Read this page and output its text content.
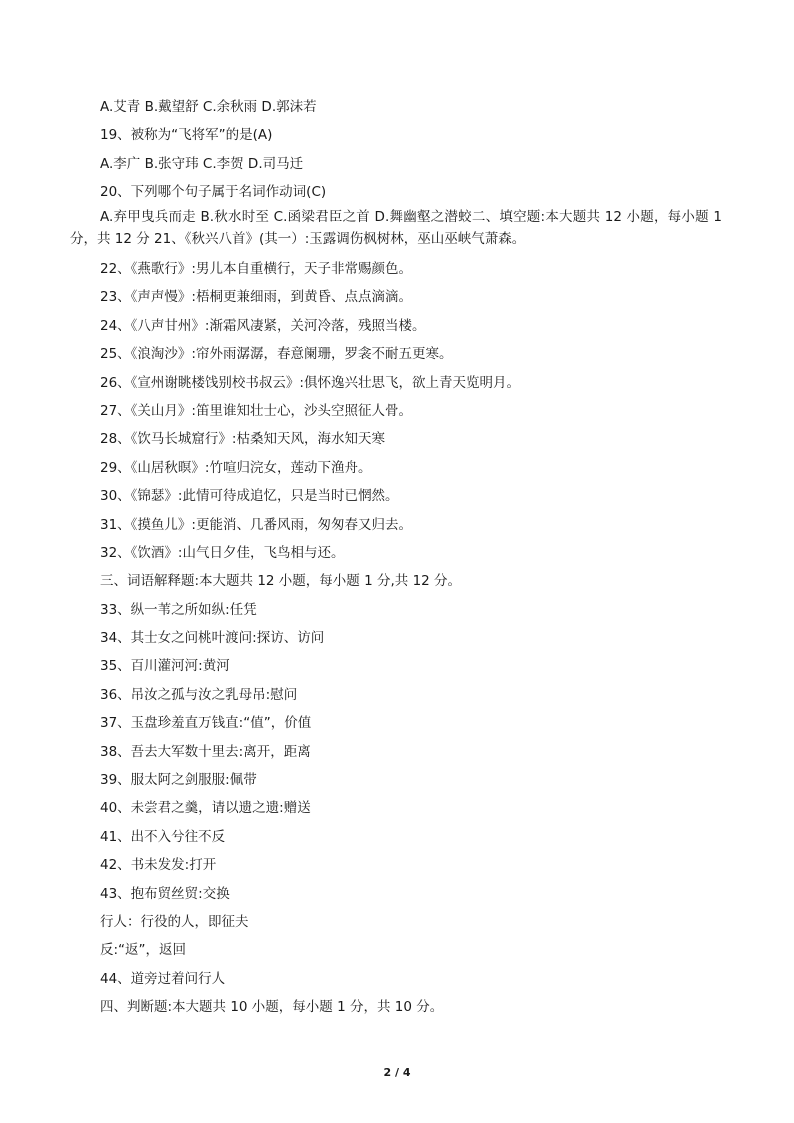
A.艾青 B.戴望舒 C.余秋雨 D.郭沫若
19、被称为“飞将军”的是(A)
A.李广 B.张守玮 C.李贺 D.司马迁
20、下列哪个句子属于名词作动词(C)
A.弃甲曳兵而走 B.秋水时至 C.函梁君臣之首 D.舞幽壑之潜蛟二、填空题:本大题共 12 小题，每小题 1分，共 12 分 21、《秋兴八首》(其一）:玉露调伤枫树林，巫山巫峡气萧森。
22、《燕歌行》:男儿本自重横行，天子非常赐颜色。
23、《声声慢》:梧桐更兼细雨，到黄昏、点点滴滴。
24、《八声甘州》:渐霜风凄紧，关河冷落，残照当楼。
25、《浪淘沙》:帘外雨潺潺，春意阑珊，罗衾不耐五更寒。
26、《宣州谢眺楼饯别校书叔云》:俱怀逸兴壮思飞，欲上青天览明月。
27、《关山月》:笛里谁知壮士心，沙头空照征人骨。
28、《饮马长城窟行》:枯桑知天风，海水知天寒
29、《山居秋暝》:竹喧归浣女，莲动下渔舟。
30、《锦瑟》:此情可待成追忆，只是当时已惘然。
31、《摸鱼儿》:更能消、几番风雨，匆匆春又归去。
32、《饮酒》:山气日夕佳，飞鸟相与还。
三、词语解释题:本大题共 12 小题，每小题 1 分,共 12 分。
33、纵一苇之所如纵:任凭
34、其士女之问桃叶渡问:探访、访问
35、百川灌河河:黄河
36、吊汝之孤与汝之乳母吊:慰问
37、玉盘珍羞直万钱直:“值”，价值
38、吾去大军数十里去:离开，距离
39、服太阿之剑服服:佩带
40、未尝君之羹，请以遗之遗:赠送
41、出不入兮往不反
42、书未发发:打开
43、抱布贸丝贸:交换
行人：行役的人，即征夫
反:“返”，返回
44、道旁过着问行人
四、判断题:本大题共 10 小题，每小题 1 分，共 10 分。
2 / 4
